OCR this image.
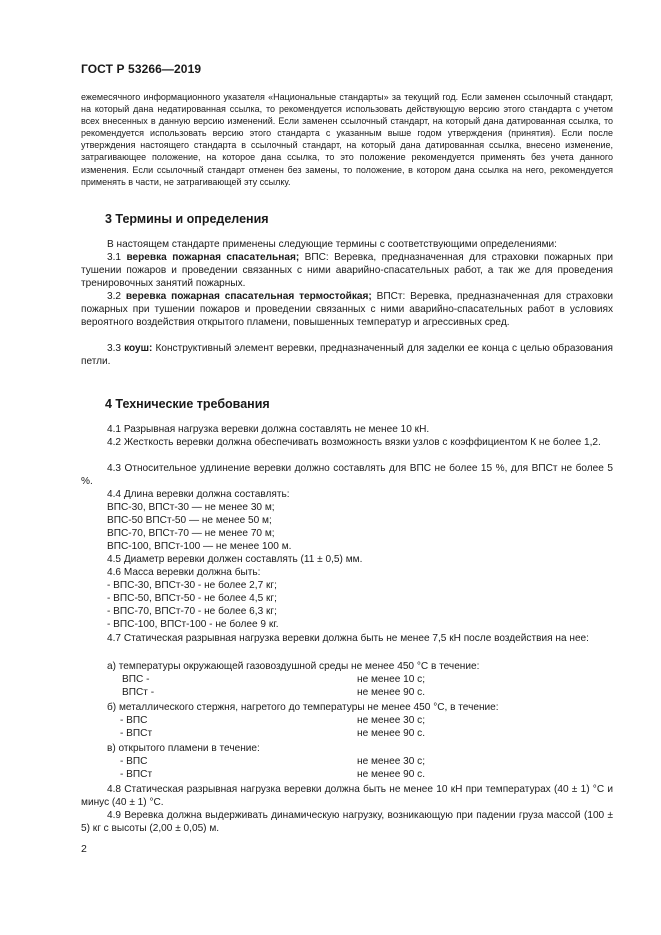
ГОСТ Р 53266—2019
ежемесячного информационного указателя «Национальные стандарты» за текущий год. Если заменен ссылочный стандарт, на который дана недатированная ссылка, то рекомендуется использовать действующую версию этого стандарта с учетом всех внесенных в данную версию изменений. Если заменен ссылочный стандарт, на который дана датированная ссылка, то рекомендуется использовать версию этого стандарта с указанным выше годом утверждения (принятия). Если после утверждения настоящего стандарта в ссылочный стандарт, на который дана датированная ссылка, внесено изменение, затрагивающее положение, на которое дана ссылка, то это положение рекомендуется применять без учета данного изменения. Если ссылочный стандарт отменен без замены, то положение, в котором дана ссылка на него, рекомендуется применять в части, не затрагивающей эту ссылку.
3 Термины и определения
В настоящем стандарте применены следующие термины с соответствующими определениями:
3.1 веревка пожарная спасательная; ВПС: Веревка, предназначенная для страховки пожарных при тушении пожаров и проведении связанных с ними аварийно-спасательных работ, а так же для проведения тренировочных занятий пожарных.
3.2 веревка пожарная спасательная термостойкая; ВПСт: Веревка, предназначенная для страховки пожарных при тушении пожаров и проведении связанных с ними аварийно-спасательных работ в условиях вероятного воздействия открытого пламени, повышенных температур и агрессивных сред.
3.3 коуш: Конструктивный элемент веревки, предназначенный для заделки ее конца с целью образования петли.
4 Технические требования
4.1 Разрывная нагрузка веревки должна составлять не менее 10 кН.
4.2 Жесткость веревки должна обеспечивать возможность вязки узлов с коэффициентом К не более 1,2.
4.3 Относительное удлинение веревки должно составлять для ВПС не более 15 %, для ВПСт не более 5 %.
4.4 Длина веревки должна составлять:
ВПС-30, ВПСт-30 — не менее 30 м;
ВПС-50 ВПСт-50 — не менее 50 м;
ВПС-70, ВПСт-70 — не менее 70 м;
ВПС-100, ВПСт-100 — не менее 100 м.
4.5 Диаметр веревки должен составлять (11 ± 0,5) мм.
4.6 Масса веревки должна быть:
- ВПС-30, ВПСт-30 - не более 2,7 кг;
- ВПС-50, ВПСт-50 - не более 4,5 кг;
- ВПС-70, ВПСт-70 - не более 6,3 кг;
- ВПС-100, ВПСт-100 - не более 9 кг.
4.7 Статическая разрывная нагрузка веревки должна быть не менее 7,5 кН после воздействия на нее:
а) температуры окружающей газовоздушной среды не менее 450 °С в течение:
ВПС -	не менее 10 с;
ВПСт -	не менее 90 с.
б) металлического стержня, нагретого до температуры не менее 450 °С, в течение:
- ВПС	не менее 30 с;
- ВПСт	не менее 90 с.
в) открытого пламени в течение:
- ВПС	не менее 30 с;
- ВПСт	не менее 90 с.
4.8 Статическая разрывная нагрузка веревки должна быть не менее 10 кН при температурах (40 ± 1) °С и минус (40 ± 1) °С.
4.9 Веревка должна выдерживать динамическую нагрузку, возникающую при падении груза массой (100 ± 5) кг с высоты (2,00 ± 0,05) м.
2
